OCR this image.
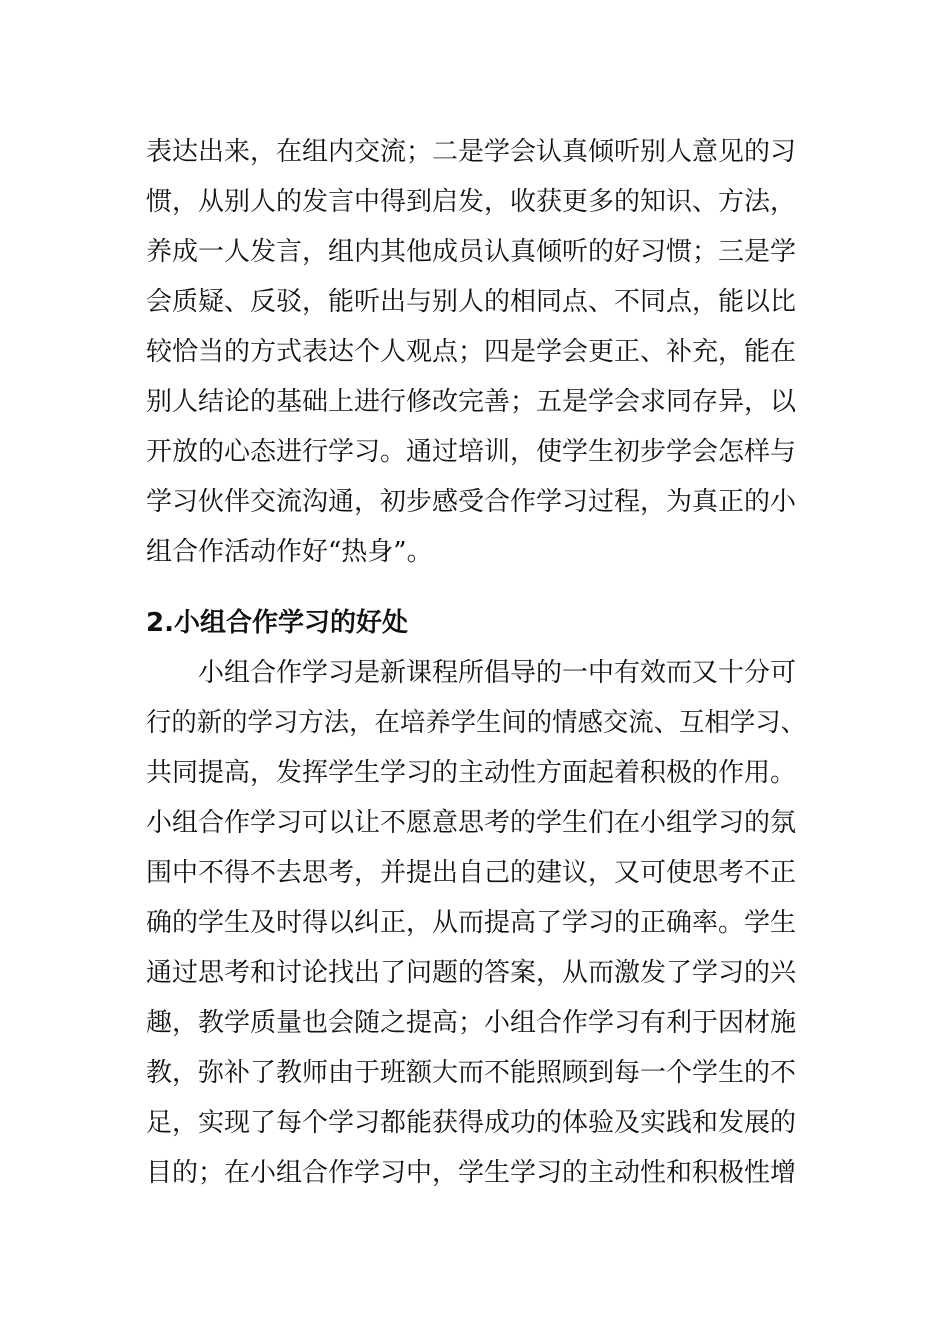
表达出来，在组内交流；二是学会认真倾听别人意见的习
惯，从别人的发言中得到启发，收获更多的知识、方法，
养成一人发言，组内其他成员认真倾听的好习惯；三是学
会质疑、反驳，能听出与别人的相同点、不同点，能以比
较恰当的方式表达个人观点；四是学会更正、补充，能在
别人结论的基础上进行修改完善；五是学会求同存异，以
开放的心态进行学习。通过培训，使学生初步学会怎样与
学习伙伴交流沟通，初步感受合作学习过程，为真正的小
组合作活动作好“热身”。
2.小组合作学习的好处
小组合作学习是新课程所倡导的一中有效而又十分可
行的新的学习方法，在培养学生间的情感交流、互相学习、
共同提高，发挥学生学习的主动性方面起着积极的作用。
小组合作学习可以让不愿意思考的学生们在小组学习的氛
围中不得不去思考，并提出自己的建议，又可使思考不正
确的学生及时得以纠正，从而提高了学习的正确率。学生
通过思考和讨论找出了问题的答案，从而激发了学习的兴
趣，教学质量也会随之提高；小组合作学习有利于因材施
教，弥补了教师由于班额大而不能照顾到每一个学生的不
足，实现了每个学习都能获得成功的体验及实践和发展的
目的；在小组合作学习中，学生学习的主动性和积极性增
